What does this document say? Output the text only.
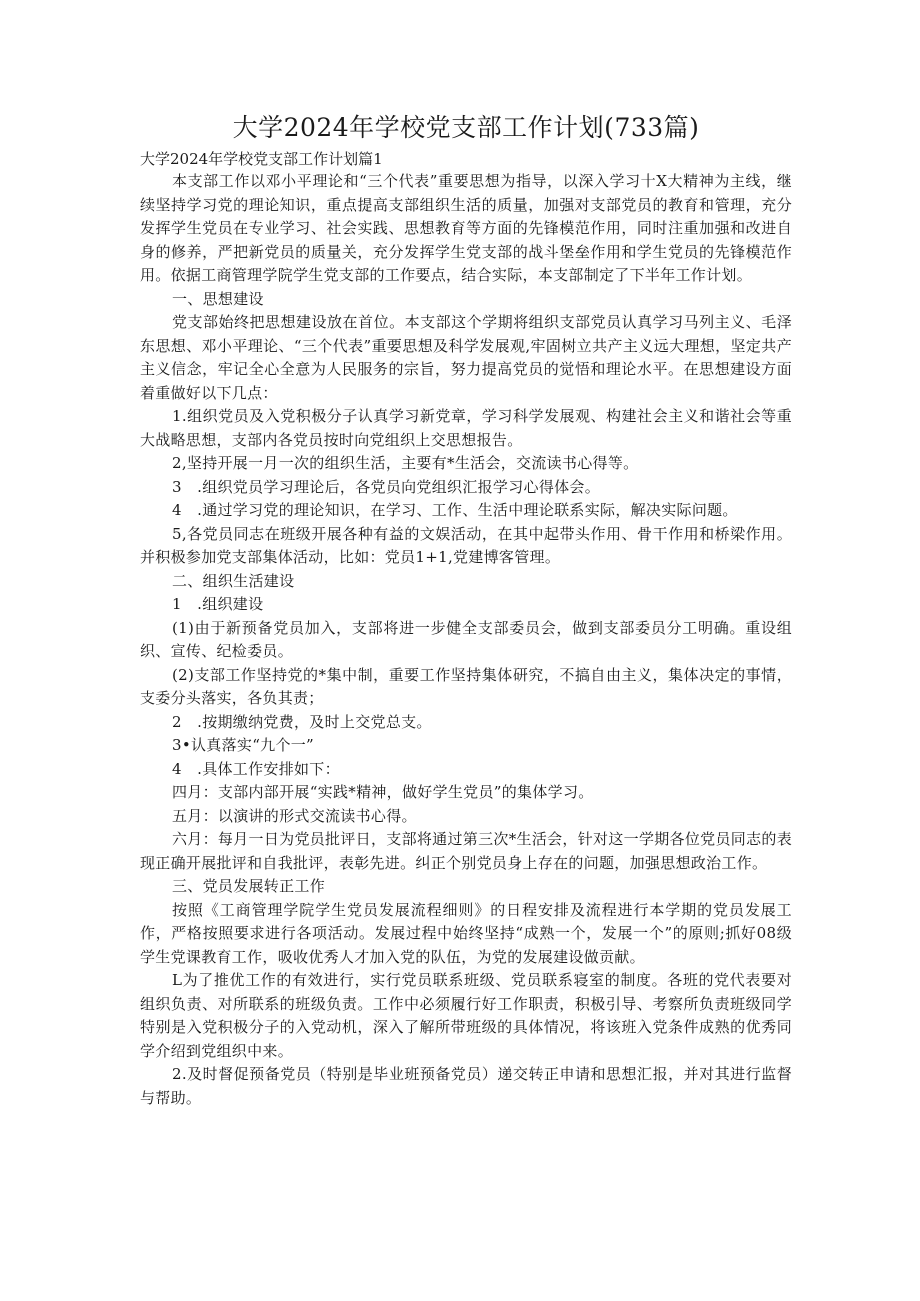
大学2024年学校党支部工作计划(733篇)

大学2024年学校党支部工作计划篇1

本支部工作以邓小平理论和“三个代表”重要思想为指导，以深入学习十X大精神为主线，继续坚持学习党的理论知识，重点提高支部组织生活的质量，加强对支部党员的教育和管理，充分发挥学生党员在专业学习、社会实践、思想教育等方面的先锋模范作用，同时注重加强和改进自身的修养，严把新党员的质量关，充分发挥学生党支部的战斗堡垒作用和学生党员的先锋模范作用。依据工商管理学院学生党支部的工作要点，结合实际，本支部制定了下半年工作计划。

一、思想建设

党支部始终把思想建设放在首位。本支部这个学期将组织支部党员认真学习马列主义、毛泽东思想、邓小平理论、“三个代表”重要思想及科学发展观,牢固树立共产主义远大理想，坚定共产主义信念，牢记全心全意为人民服务的宗旨，努力提高党员的觉悟和理论水平。在思想建设方面着重做好以下几点：

1.组织党员及入党积极分子认真学习新党章，学习科学发展观、构建社会主义和谐社会等重大战略思想，支部内各党员按时向党组织上交思想报告。

2,坚持开展一月一次的组织生活，主要有*生活会，交流读书心得等。

3　.组织党员学习理论后，各党员向党组织汇报学习心得体会。

4　.通过学习党的理论知识，在学习、工作、生活中理论联系实际，解决实际问题。

5,各党员同志在班级开展各种有益的文娱活动，在其中起带头作用、骨干作用和桥梁作用。并积极参加党支部集体活动，比如：党员1+1,党建博客管理。

二、组织生活建设

1　.组织建设

(1)由于新预备党员加入，支部将进一步健全支部委员会，做到支部委员分工明确。重设组织、宣传、纪检委员。

(2)支部工作坚持党的*集中制，重要工作坚持集体研究，不搞自由主义，集体决定的事情，支委分头落实，各负其责；

2　.按期缴纳党费，及时上交党总支。

3•认真落实“九个一”

4　.具体工作安排如下：

四月：支部内部开展“实践*精神，做好学生党员”的集体学习。

五月：以演讲的形式交流读书心得。

六月：每月一日为党员批评日，支部将通过第三次*生活会，针对这一学期各位党员同志的表现正确开展批评和自我批评，表彰先进。纠正个别党员身上存在的问题，加强思想政治工作。

三、党员发展转正工作

按照《工商管理学院学生党员发展流程细则》的日程安排及流程进行本学期的党员发展工作，严格按照要求进行各项活动。发展过程中始终坚持“成熟一个，发展一个”的原则;抓好08级学生党课教育工作，吸收优秀人才加入党的队伍，为党的发展建设做贡献。

L为了推优工作的有效进行，实行党员联系班级、党员联系寝室的制度。各班的党代表要对组织负责、对所联系的班级负责。工作中必须履行好工作职责，积极引导、考察所负责班级同学特别是入党积极分子的入党动机，深入了解所带班级的具体情况，将该班入党条件成熟的优秀同学介绍到党组织中来。

2.及时督促预备党员（特别是毕业班预备党员）递交转正申请和思想汇报，并对其进行监督与帮助。
